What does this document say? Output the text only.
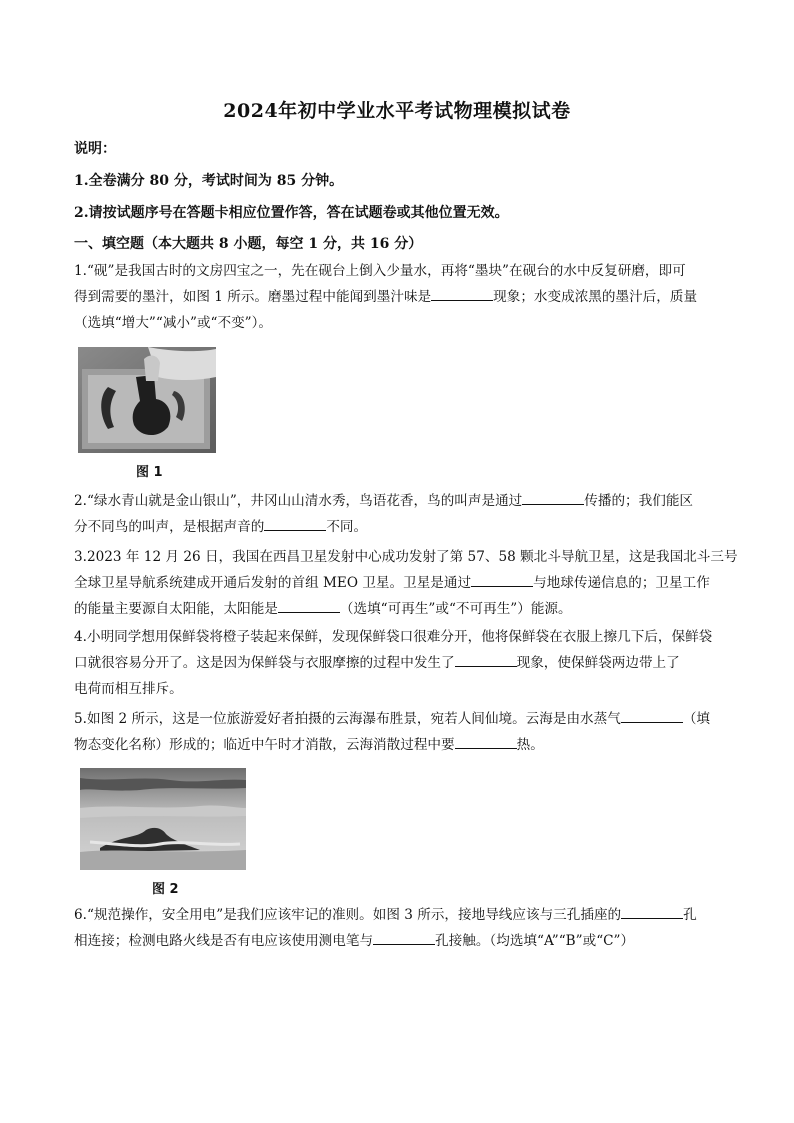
2024年初中学业水平考试物理模拟试卷
说明：
1.全卷满分 80 分，考试时间为 85 分钟。
2.请按试题序号在答题卡相应位置作答，答在试题卷或其他位置无效。
一、填空题（本大题共 8 小题，每空 1 分，共 16 分）
1.“砚”是我国古时的文房四宝之一，先在砚台上倒入少量水，再将“墨块”在砚台的水中反复研磨，即可
得到需要的墨汁，如图 1 所示。磨墨过程中能闻到墨汁味是	现象；水变成浓黑的墨汁后，质量
（选填“增大”“减小”或“不变”）。
图 1
2.“绿水青山就是金山银山”，井冈山山清水秀，鸟语花香，鸟的叫声是通过	传播的；我们能区
分不同鸟的叫声，是根据声音的	不同。
3.2023 年 12 月 26 日，我国在西昌卫星发射中心成功发射了第 57、58 颗北斗导航卫星，这是我国北斗三号
全球卫星导航系统建成开通后发射的首组 MEO 卫星。卫星是通过	与地球传递信息的；卫星工作
的能量主要源自太阳能，太阳能是	（选填“可再生”或“不可再生”）能源。
4.小明同学想用保鲜袋将橙子装起来保鲜，发现保鲜袋口很难分开，他将保鲜袋在衣服上擦几下后，保鲜袋
口就很容易分开了。这是因为保鲜袋与衣服摩擦的过程中发生了	现象，使保鲜袋两边带上了
电荷而相互排斥。
5.如图 2 所示，这是一位旅游爱好者拍摄的云海瀑布胜景，宛若人间仙境。云海是由水蒸气	（填
物态变化名称）形成的；临近中午时才消散，云海消散过程中要	热。
图 2
6.“规范操作，安全用电”是我们应该牢记的准则。如图 3 所示，接地导线应该与三孔插座的	孔
相连接；检测电路火线是否有电应该使用测电笔与	孔接触。（均选填“A”“B”或“C”）
